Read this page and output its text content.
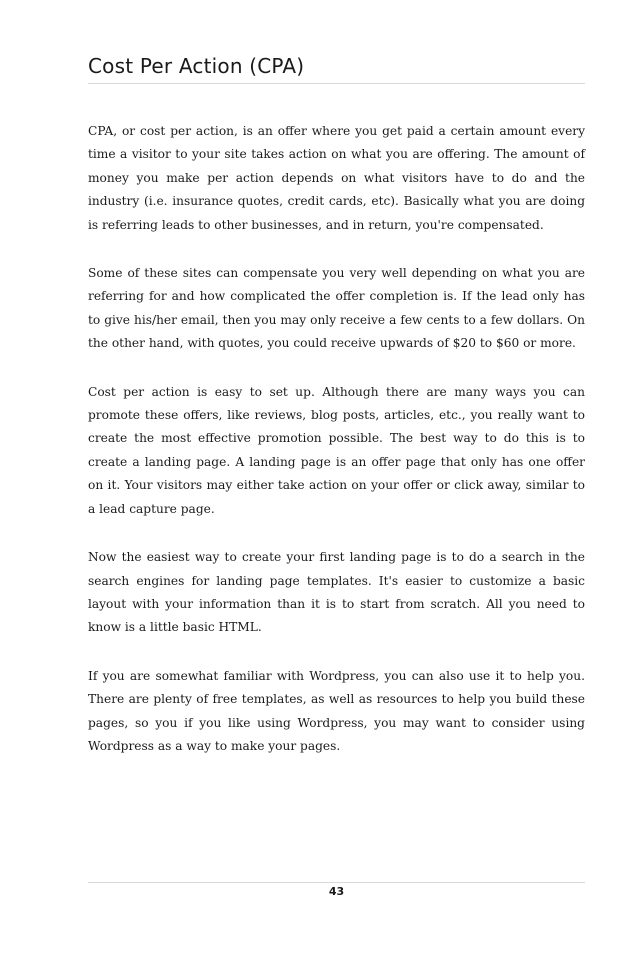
Cost Per Action (CPA)

CPA, or cost per action, is an offer where you get paid a certain amount every time a visitor to your site takes action on what you are offering. The amount of money you make per action depends on what visitors have to do and the industry (i.e. insurance quotes, credit cards, etc). Basically what you are doing is referring leads to other businesses, and in return, you're compensated.

Some of these sites can compensate you very well depending on what you are referring for and how complicated the offer completion is. If the lead only has to give his/her email, then you may only receive a few cents to a few dollars. On the other hand, with quotes, you could receive upwards of $20 to $60 or more.

Cost per action is easy to set up. Although there are many ways you can promote these offers, like reviews, blog posts, articles, etc., you really want to create the most effective promotion possible. The best way to do this is to create a landing page. A landing page is an offer page that only has one offer on it. Your visitors may either take action on your offer or click away, similar to a lead capture page.

Now the easiest way to create your first landing page is to do a search in the search engines for landing page templates. It's easier to customize a basic layout with your information than it is to start from scratch. All you need to know is a little basic HTML.

If you are somewhat familiar with Wordpress, you can also use it to help you. There are plenty of free templates, as well as resources to help you build these pages, so you if you like using Wordpress, you may want to consider using Wordpress as a way to make your pages.

43
